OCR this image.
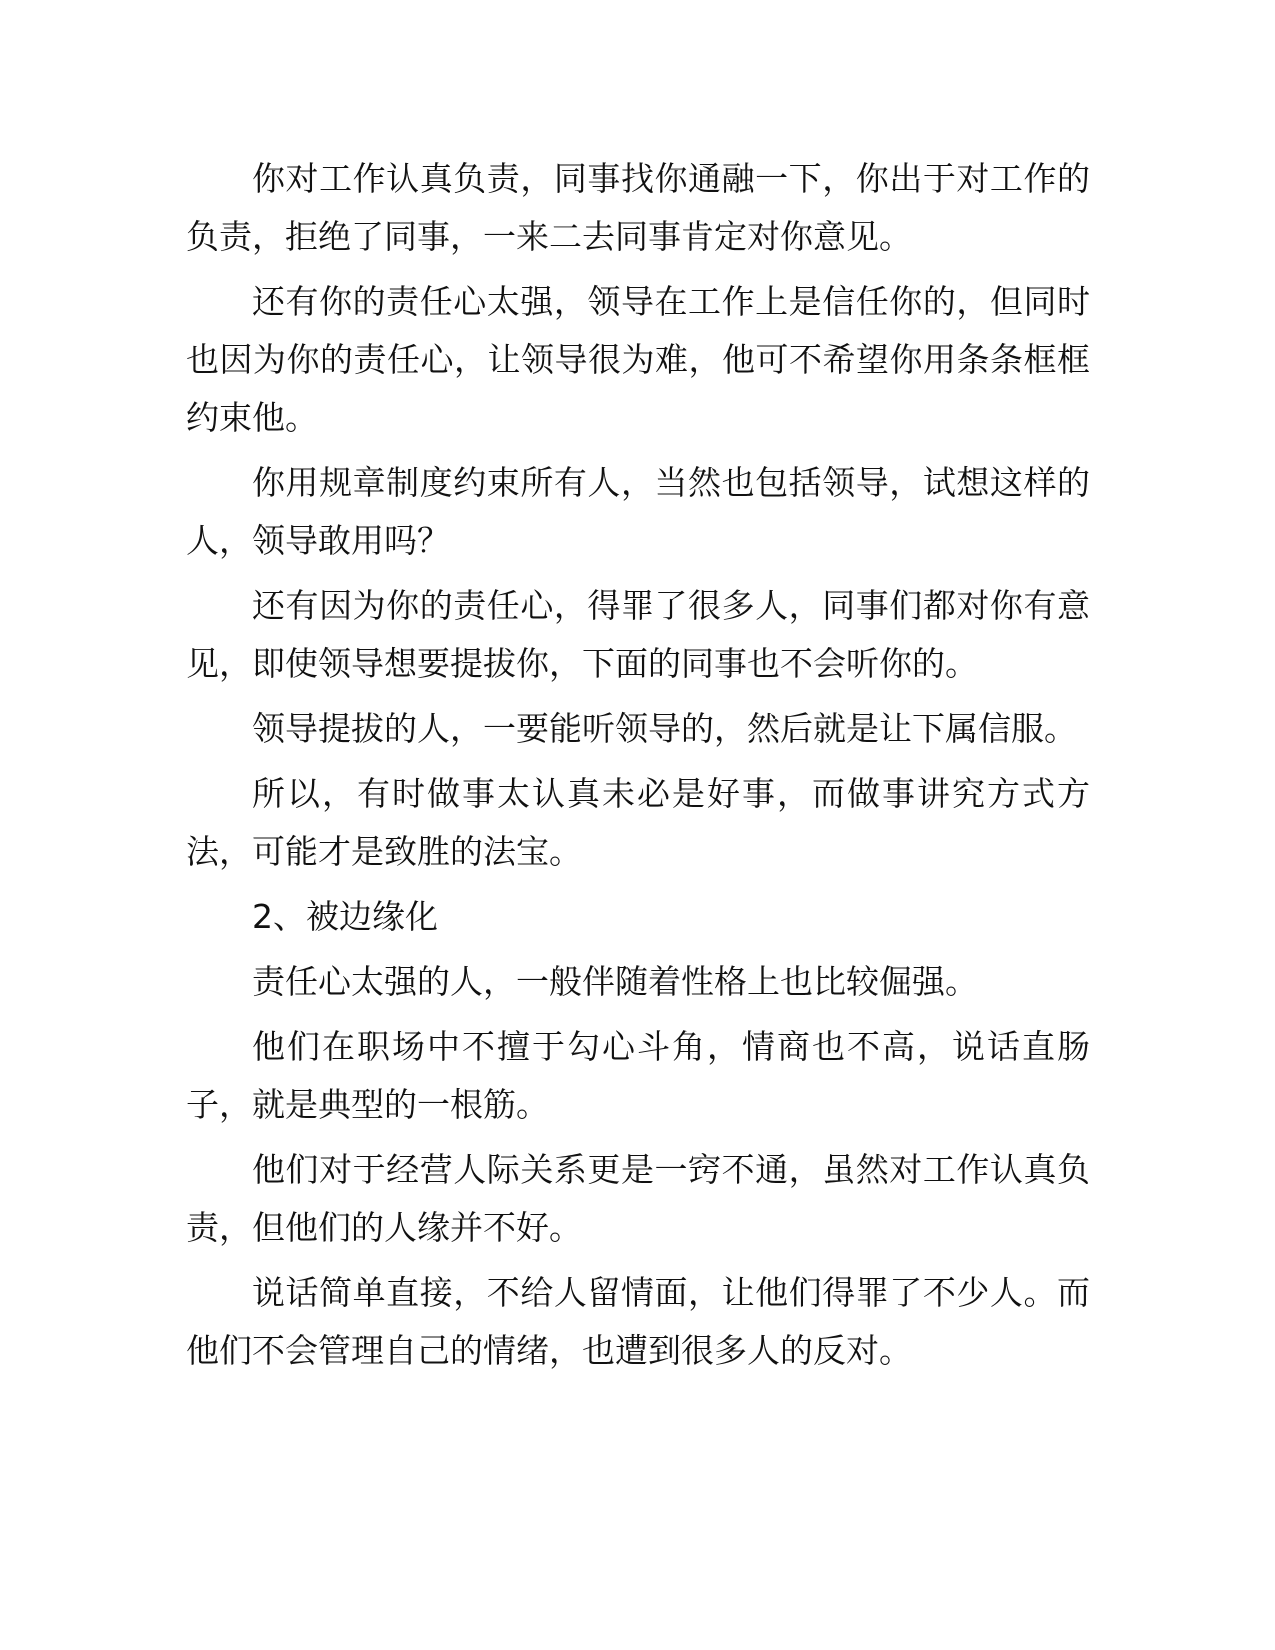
你对工作认真负责，同事找你通融一下，你出于对工作的负责，拒绝了同事，一来二去同事肯定对你意见。

还有你的责任心太强，领导在工作上是信任你的，但同时也因为你的责任心，让领导很为难，他可不希望你用条条框框约束他。

你用规章制度约束所有人，当然也包括领导，试想这样的人，领导敢用吗？

还有因为你的责任心，得罪了很多人，同事们都对你有意见，即使领导想要提拔你，下面的同事也不会听你的。

领导提拔的人，一要能听领导的，然后就是让下属信服。

所以，有时做事太认真未必是好事，而做事讲究方式方法，可能才是致胜的法宝。

2、被边缘化

责任心太强的人，一般伴随着性格上也比较倔强。

他们在职场中不擅于勾心斗角，情商也不高，说话直肠子，就是典型的一根筋。

他们对于经营人际关系更是一窍不通，虽然对工作认真负责，但他们的人缘并不好。

说话简单直接，不给人留情面，让他们得罪了不少人。而他们不会管理自己的情绪，也遭到很多人的反对。
